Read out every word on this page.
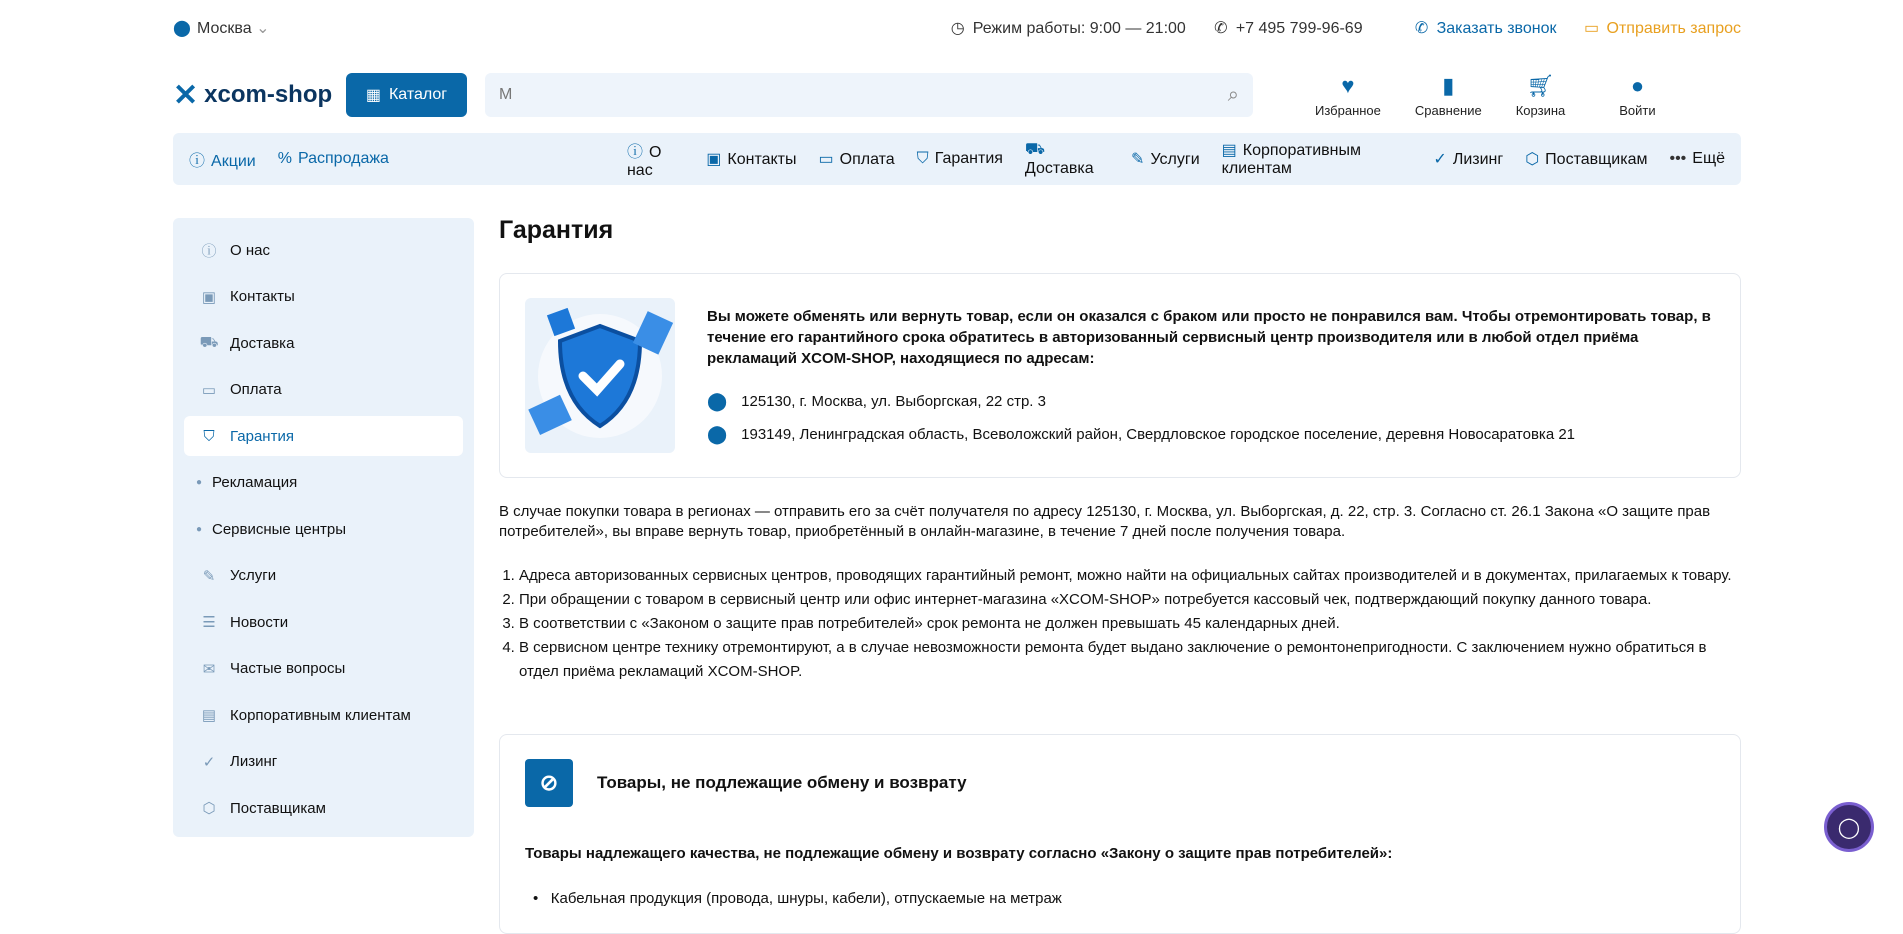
⬤ Москва ⌄	◷ Режим работы: 9:00 — 21:00 ✆ +7 495 799-96-69	✆ Заказать звонок ▭ Отправить запрос
✕ xcom-shop ▦ Каталог	М	⌕	♥
Избранное
▮
Сравнение
🛒︎
Корзина
●
Войти
ⓘ Акции % Распродажа	ⓘ О нас
▣ Контакты ▭ Оплата ⛉ Гарантия
⛟Доставка
✎ Услуги
▤ Корпоративным клиентам
✓ Лизинг ⬡ Поставщикам ••• Ещё
ⓘ О нас
▣ Контакты
⛟ Доставка
▭ Оплата
⛉	Гарантия
● Рекламация
● Сервисные центры
✎ Услуги
☰ Новости
✉ Частые вопросы
▤ Корпоративным клиентам
✓ Лизинг
⬡ Поставщикам
Гарантия
Вы можете обменять или вернуть товар, если он оказался с браком или просто не понравился вам. Чтобы отремонтировать товар, в течение его гарантийного срока обратитесь в авторизованный сервисный центр производителя или в любой отдел приёма рекламаций XCOM-SHOP, находящиеся по адресам:
⬤ 125130, г. Москва, ул. Выборгская, 22 стр. 3
⬤ 193149, Ленинградская область, Всеволожский район, Свердловское городское поселение, деревня Новосаратовка 21

В случае покупки товара в регионах — отправить его за счёт получателя по адресу 125130, г. Москва, ул. Выборгская, д. 22, стр. 3. Согласно ст. 26.1 Закона «О защите прав потребителей», вы вправе вернуть товар, приобретённый в онлайн-магазине, в течение 7 дней после получения товара.

1. Адреса авторизованных сервисных центров, проводящих гарантийный ремонт, можно найти на официальных сайтах производителей и в документах, прилагаемых к товару.
2. При обращении с товаром в сервисный центр или офис интернет-магазина «XCOM-SHOP» потребуется кассовый чек, подтверждающий покупку данного товара.
3. В соответствии с «Законом о защите прав потребителей» срок ремонта не должен превышать 45 календарных дней.
4. В сервисном центре технику отремонтируют, а в случае невозможности ремонта будет выдано заключение о ремонтонепригодности. С заключением нужно обратиться в отдел приёма рекламаций XCOM-SHOP.
⊘	Товары, не подлежащие обмену и возврату
Товары надлежащего качества, не подлежащие обмену и возврату согласно «Закону о защите прав потребителей»:
•   Кабельная продукция (провода, шнуры, кабели), отпускаемые на метраж
◯
